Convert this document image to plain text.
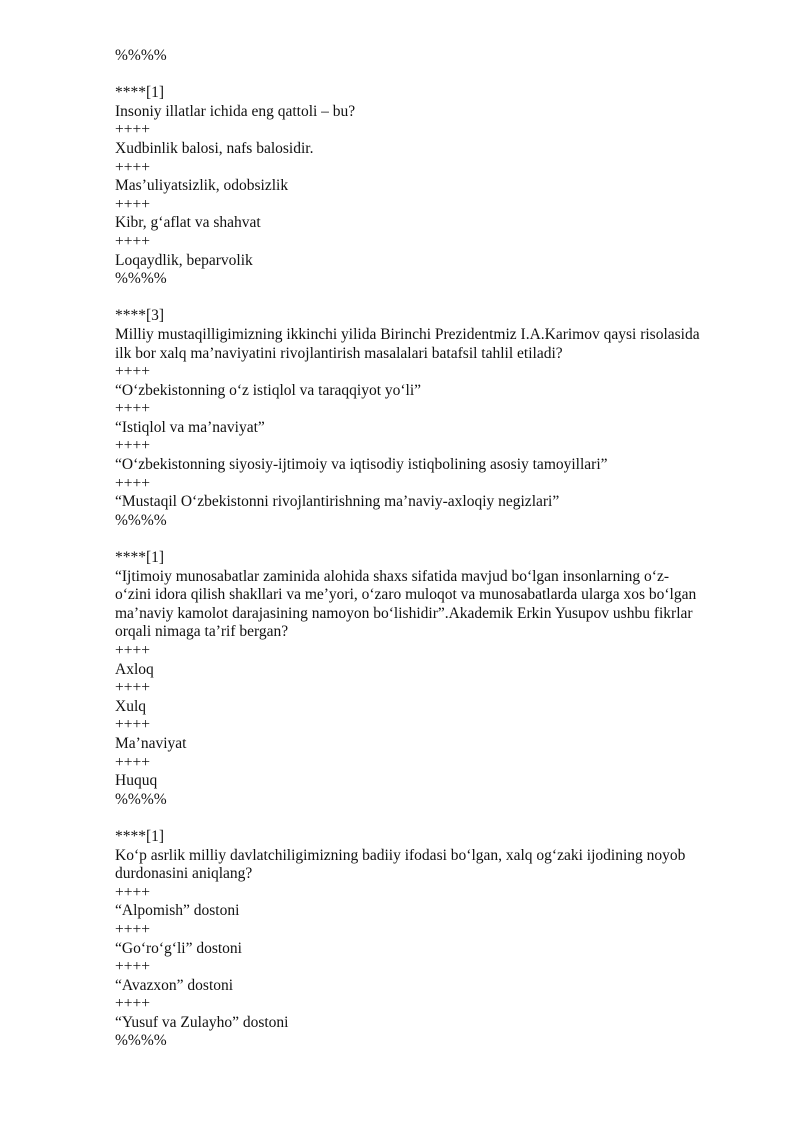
%%%%
****[1]
Insoniy illatlar ichida eng qattoli – bu?
++++
Xudbinlik balosi, nafs balosidir.
++++
Mas’uliyatsizlik, odobsizlik
++++
Kibr, g‘aflat va shahvat
++++
Loqaydlik, beparvolik
%%%%
****[3]
Milliy mustaqilligimizning ikkinchi yilida Birinchi Prezidentmiz I.A.Karimov qaysi risolasida
ilk bor xalq ma’naviyatini rivojlantirish masalalari batafsil tahlil etiladi?
++++
“O‘zbekistonning o‘z istiqlol va taraqqiyot yo‘li”
++++
“Istiqlol va ma’naviyat”
++++
“O‘zbekistonning siyosiy-ijtimoiy va iqtisodiy istiqbolining asosiy tamoyillari”
++++
“Mustaqil O‘zbekistonni rivojlantirishning ma’naviy-axloqiy negizlari”
%%%%
****[1]
“Ijtimoiy munosabatlar zaminida alohida shaxs sifatida mavjud bo‘lgan insonlarning o‘z-
o‘zini idora qilish shakllari va me’yori, o‘zaro muloqot va munosabatlarda ularga xos bo‘lgan
ma’naviy kamolot darajasining namoyon bo‘lishidir”.Akademik Erkin Yusupov ushbu fikrlar
orqali nimaga ta’rif bergan?
++++
Axloq
++++
Xulq
++++
Ma’naviyat
++++
Huquq
%%%%
****[1]
Ko‘p asrlik milliy davlatchiligimizning badiiy ifodasi bo‘lgan, xalq og‘zaki ijodining noyob
durdonasini aniqlang?
++++
“Alpomish” dostoni
++++
“Go‘ro‘g‘li” dostoni
++++
“Avazxon” dostoni
++++
“Yusuf va Zulayho” dostoni
%%%%
